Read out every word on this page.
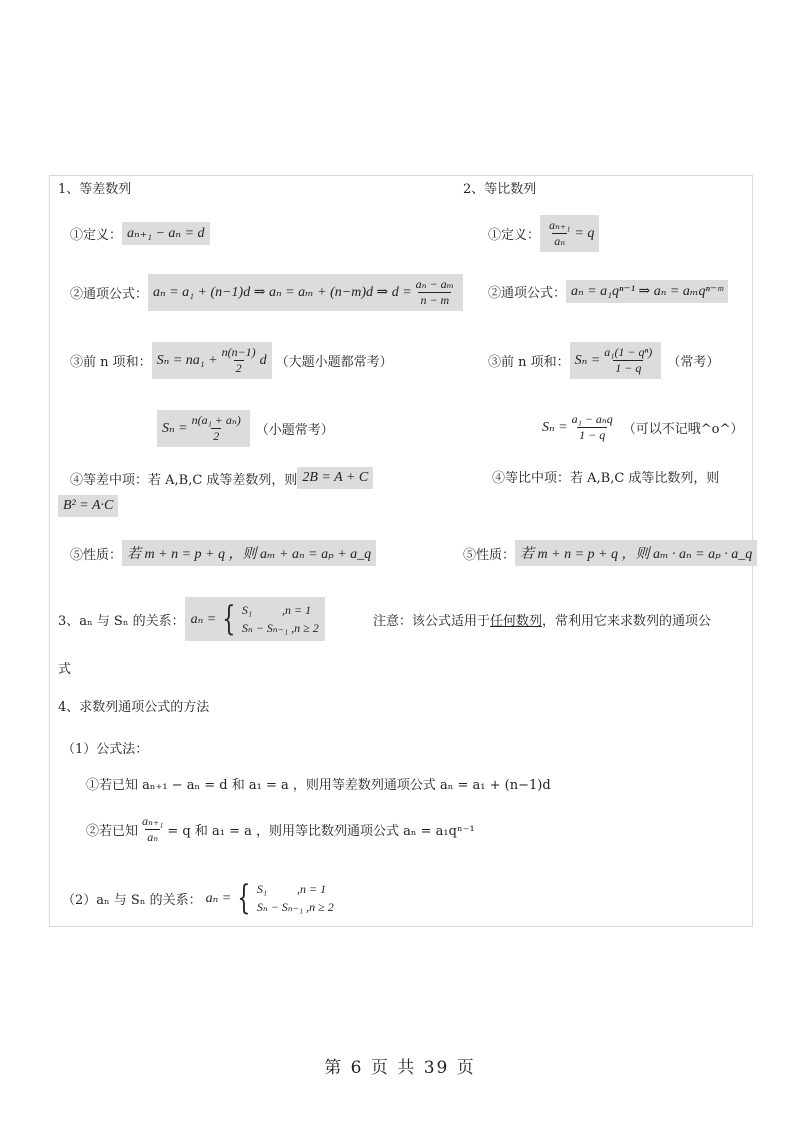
1、等差数列
①定义： aₙ₊₁ − aₙ = d
②通项公式： aₙ = a₁ + (n−1)d ⇒ aₙ = aₘ + (n−m)d ⇒ $d = \frac{\text{aₙ − aₘ}}{n - m}$
③前 n 项和： $S_n = na_1 + \frac{n(n-1)}{2}$ d （大题小题都常考）
$S_n = \frac{\text{n(a₁ + aₙ)}}{2}$ （小题常考）
④等差中项：若 A,B,C 成等差数列，则 2B = A + C
B² = A·C
⑤性质： 若 m + n = p + q ，则 aₘ + aₙ = aₚ + a_q
2、等比数列
①定义： $\frac{\text{aₙ₊₁}}{\text{aₙ}} = q$
②通项公式： aₙ = a₁qⁿ⁻¹ ⇒ aₙ = aₘqⁿ⁻ᵐ
③前 n 项和： $S_n = \frac{\text{a₁(1 − qⁿ)}}{1 - q}$ （常考）
$S_n = \frac{\text{a₁ − aₙq}}{1 - q}$ （可以不记哦^o^）
④等比中项：若 A,B,C 成等比数列，则
⑤性质： 若 m + n = p + q ，则 aₘ · aₙ = aₚ · a_q
3、aₙ 与 Sₙ 的关系： aₙ = { S₁          ,n = 1
Sₙ − Sₙ₋₁ ,n ≥ 2	注意：该公式适用于 任何数列 ，常利用它来求数列的通项公
式
4、求数列通项公式的方法
（1）公式法：
①若已知 aₙ₊₁ − aₙ = d 和 a₁ = a ，则用等差数列通项公式 aₙ = a₁ + (n−1)d
②若已知 $\frac{\text{aₙ₊₁}}{\text{aₙ}} = q$ 和 a₁ = a ，则用等比数列通项公式 aₙ = a₁qⁿ⁻¹
（2）aₙ 与 Sₙ 的关系： aₙ = { S₁          ,n = 1
Sₙ − Sₙ₋₁ ,n ≥ 2
第 6 页 共 39 页
